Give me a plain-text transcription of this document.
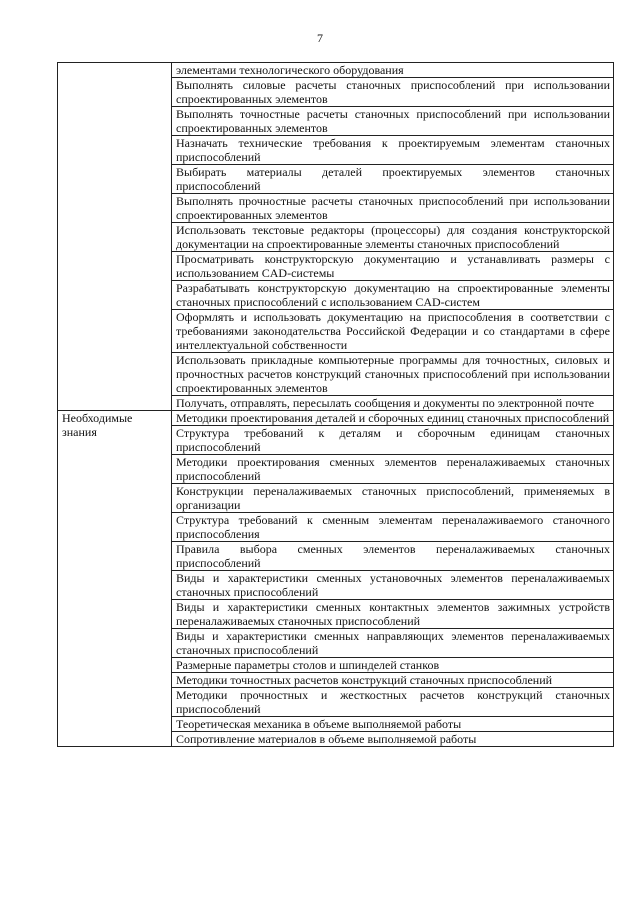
7
	элементами технологического оборудования
	Выполнять силовые расчеты станочных приспособлений при использовании спроектированных элементов
	Выполнять точностные расчеты станочных приспособлений при использовании спроектированных элементов
	Назначать технические требования к проектируемым элементам станочных приспособлений
	Выбирать материалы деталей проектируемых элементов станочных приспособлений
	Выполнять прочностные расчеты станочных приспособлений при использовании спроектированных элементов
	Использовать текстовые редакторы (процессоры) для создания конструкторской документации на спроектированные элементы станочных приспособлений
	Просматривать конструкторскую документацию и устанавливать размеры с использованием CAD-системы
	Разрабатывать конструкторскую документацию на спроектированные элементы станочных приспособлений с использованием CAD-систем
	Оформлять и использовать документацию на приспособления в соответствии с требованиями законодательства Российской Федерации и со стандартами в сфере интеллектуальной собственности
	Использовать прикладные компьютерные программы для точностных, силовых и прочностных расчетов конструкций станочных приспособлений при использовании спроектированных элементов
	Получать, отправлять, пересылать сообщения и документы по электронной почте
Необходимые знания	Методики проектирования деталей и сборочных единиц станочных приспособлений
	Структура требований к деталям и сборочным единицам станочных приспособлений
	Методики проектирования сменных элементов переналаживаемых станочных приспособлений
	Конструкции переналаживаемых станочных приспособлений, применяемых в организации
	Структура требований к сменным элементам переналаживаемого станочного приспособления
	Правила выбора сменных элементов переналаживаемых станочных приспособлений
	Виды и характеристики сменных установочных элементов переналаживаемых станочных приспособлений
	Виды и характеристики сменных контактных элементов зажимных устройств переналаживаемых станочных приспособлений
	Виды и характеристики сменных направляющих элементов переналаживаемых станочных приспособлений
	Размерные параметры столов и шпинделей станков
	Методики точностных расчетов конструкций станочных приспособлений
	Методики прочностных и жесткостных расчетов конструкций станочных приспособлений
	Теоретическая механика в объеме выполняемой работы
	Сопротивление материалов в объеме выполняемой работы
